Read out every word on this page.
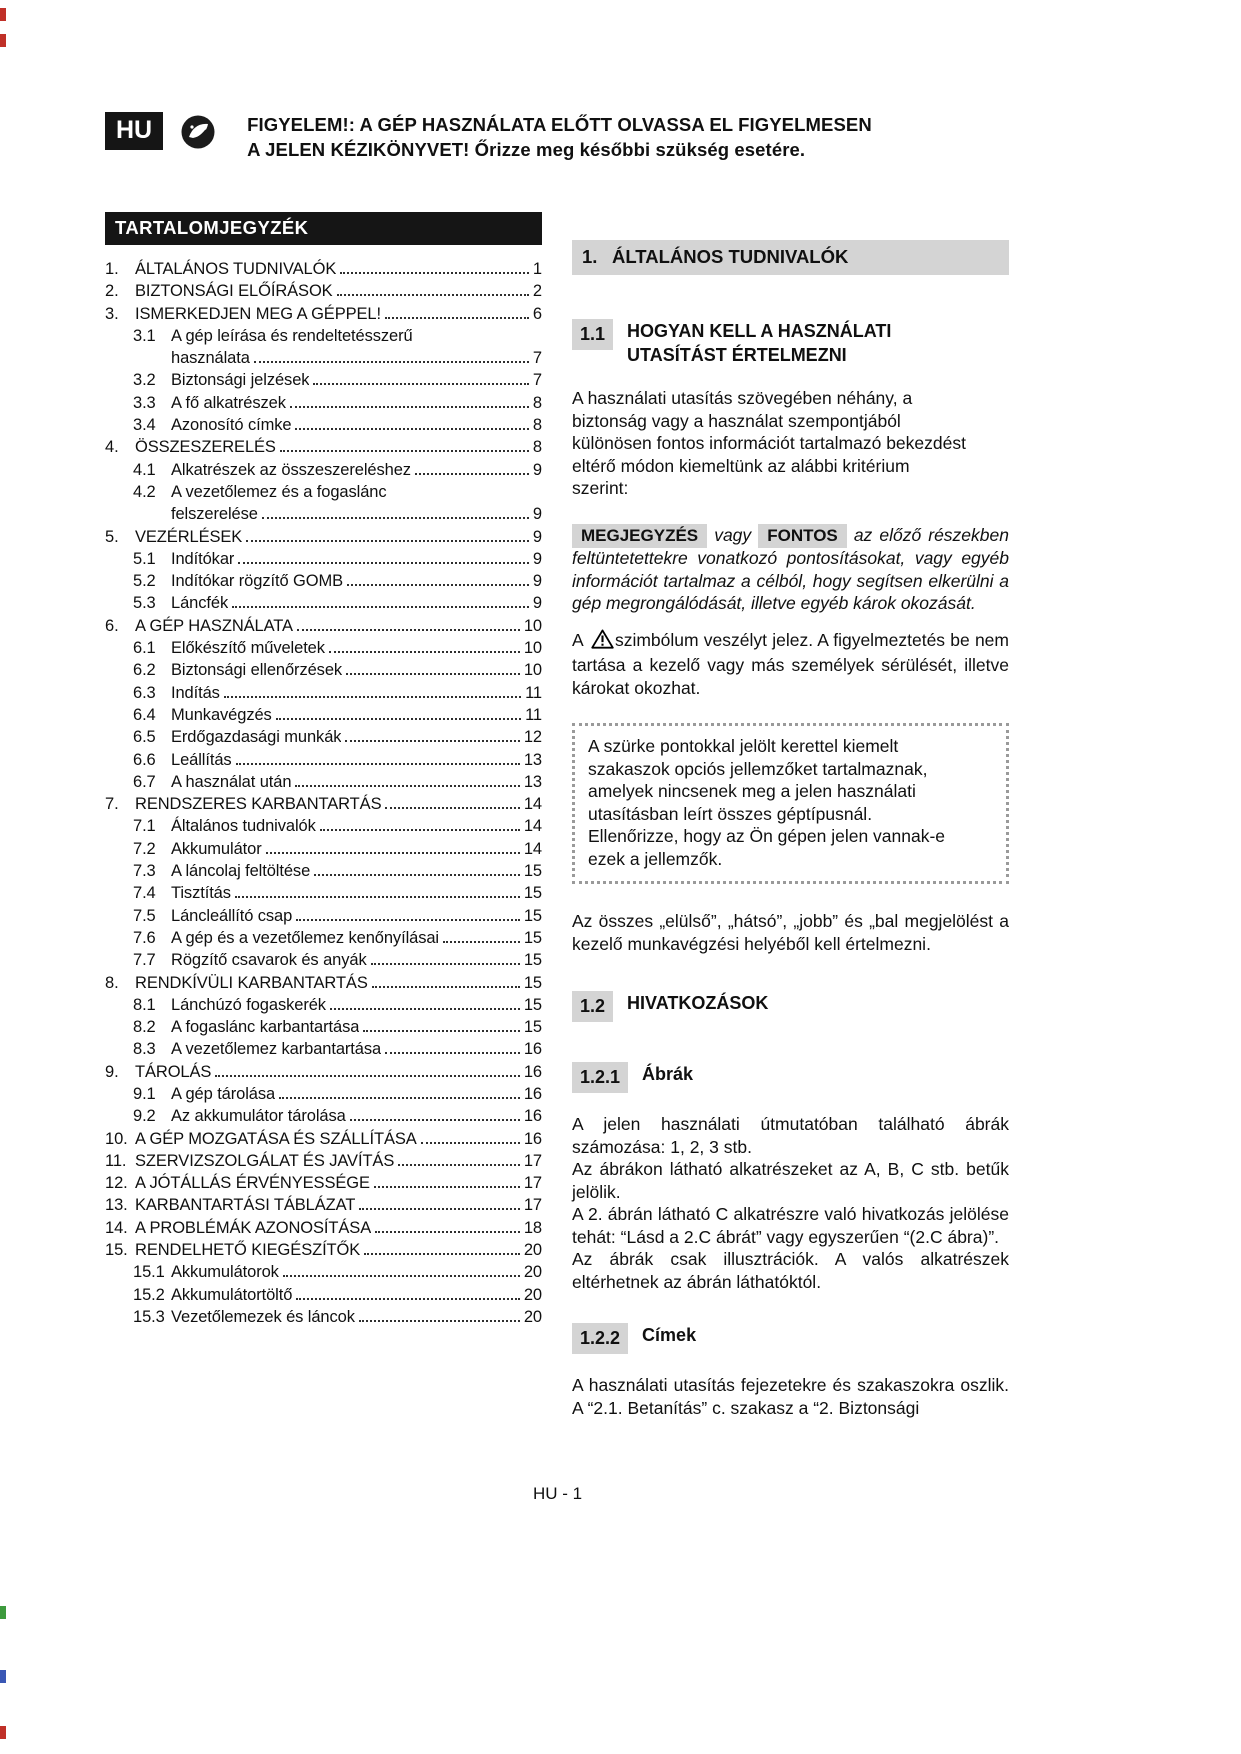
HU	FIGYELEM!: A GÉP HASZNÁLATA ELŐTT OLVASSA EL FIGYELMESEN
A JELEN KÉZIKÖNYVET! Őrizze meg későbbi szükség esetére.
TARTALOMJEGYZÉK
1. ÁLTALÁNOS TUDNIVALÓK	1
2. BIZTONSÁGI ELŐÍRÁSOK	2
3. ISMERKEDJEN MEG A GÉPPEL!	6
3.1 A gép leírása és rendeltetésszerű
használata	7
3.2 Biztonsági jelzések	7
3.3 A fő alkatrészek	8
3.4 Azonosító címke	8
4. ÖSSZESZERELÉS	8
4.1 Alkatrészek az összeszereléshez	9
4.2 A vezetőlemez és a fogaslánc
felszerelése	9
5. VEZÉRLÉSEK	9
5.1 Indítókar	9
5.2 Indítókar rögzítő GOMB	9
5.3 Láncfék	9
6. A GÉP HASZNÁLATA	10
6.1 Előkészítő műveletek	10
6.2 Biztonsági ellenőrzések	10
6.3 Indítás	11
6.4 Munkavégzés	11
6.5 Erdőgazdasági munkák	12
6.6 Leállítás	13
6.7 A használat után	13
7. RENDSZERES KARBANTARTÁS	14
7.1 Általános tudnivalók	14
7.2 Akkumulátor	14
7.3 A láncolaj feltöltése	15
7.4 Tisztítás	15
7.5 Láncleállító csap	15
7.6 A gép és a vezetőlemez kenőnyílásai	15
7.7 Rögzítő csavarok és anyák	15
8. RENDKÍVÜLI KARBANTARTÁS	15
8.1 Lánchúzó fogaskerék	15
8.2 A fogaslánc karbantartása	15
8.3 A vezetőlemez karbantartása	16
9. TÁROLÁS	16
9.1 A gép tárolása	16
9.2 Az akkumulátor tárolása	16
10. A GÉP MOZGATÁSA ÉS SZÁLLÍTÁSA	16
11. SZERVIZSZOLGÁLAT ÉS JAVÍTÁS	17
12. A JÓTÁLLÁS ÉRVÉNYESSÉGE	17
13. KARBANTARTÁSI TÁBLÁZAT	17
14. A PROBLÉMÁK AZONOSÍTÁSA	18
15. RENDELHETŐ KIEGÉSZÍTŐK	20
15.1 Akkumulátorok	20
15.2 Akkumulátortöltő	20
15.3 Vezetőlemezek és láncok	20
1. ÁLTALÁNOS TUDNIVALÓK
1.1	HOGYAN KELL A HASZNÁLATI UTASÍTÁST ÉRTELMEZNI

A használati utasítás szövegében néhány, a biztonság vagy a használat szempontjából különösen fontos információt tartalmazó bekezdést eltérő módon kiemeltünk az alábbi kritérium szerint:

MEGJEGYZÉS vagy FONTOS az előző részekben feltüntetettekre vonatkozó pontosításokat, vagy egyéb információt tartalmaz a célból, hogy segítsen elkerülni a gép megrongálódását, illetve egyéb károk okozását.

A szimbólum veszélyt jelez. A figyelmeztetés be nem tartása a kezelő vagy más személyek sérülését, illetve károkat okozhat.

A szürke pontokkal jelölt kerettel kiemelt szakaszok opciós jellemzőket tartalmaznak, amelyek nincsenek meg a jelen használati utasításban leírt összes géptípusnál. Ellenőrizze, hogy az Ön gépen jelen vannak-e ezek a jellemzők.

Az összes „elülső”, „hátsó”, „jobb” és „bal megjelölést a kezelő munkavégzési helyéből kell értelmezni.

1.2	HIVATKOZÁSOK
1.2.1	Ábrák
A jelen használati útmutatóban található ábrák számozása: 1, 2, 3 stb.
Az ábrákon látható alkatrészeket az A, B, C stb. betűk jelölik.
A 2. ábrán látható C alkatrészre való hivatkozás jelölése tehát: “Lásd a 2.C ábrát” vagy egyszerűen “(2.C ábra)”.
Az ábrák csak illusztrációk. A valós alkatrészek eltérhetnek az ábrán láthatóktól.
1.2.2	Címek

A használati utasítás fejezetekre és szakaszokra oszlik. A “2.1. Betanítás” c. szakasz a “2. Biztonsági

HU - 1
